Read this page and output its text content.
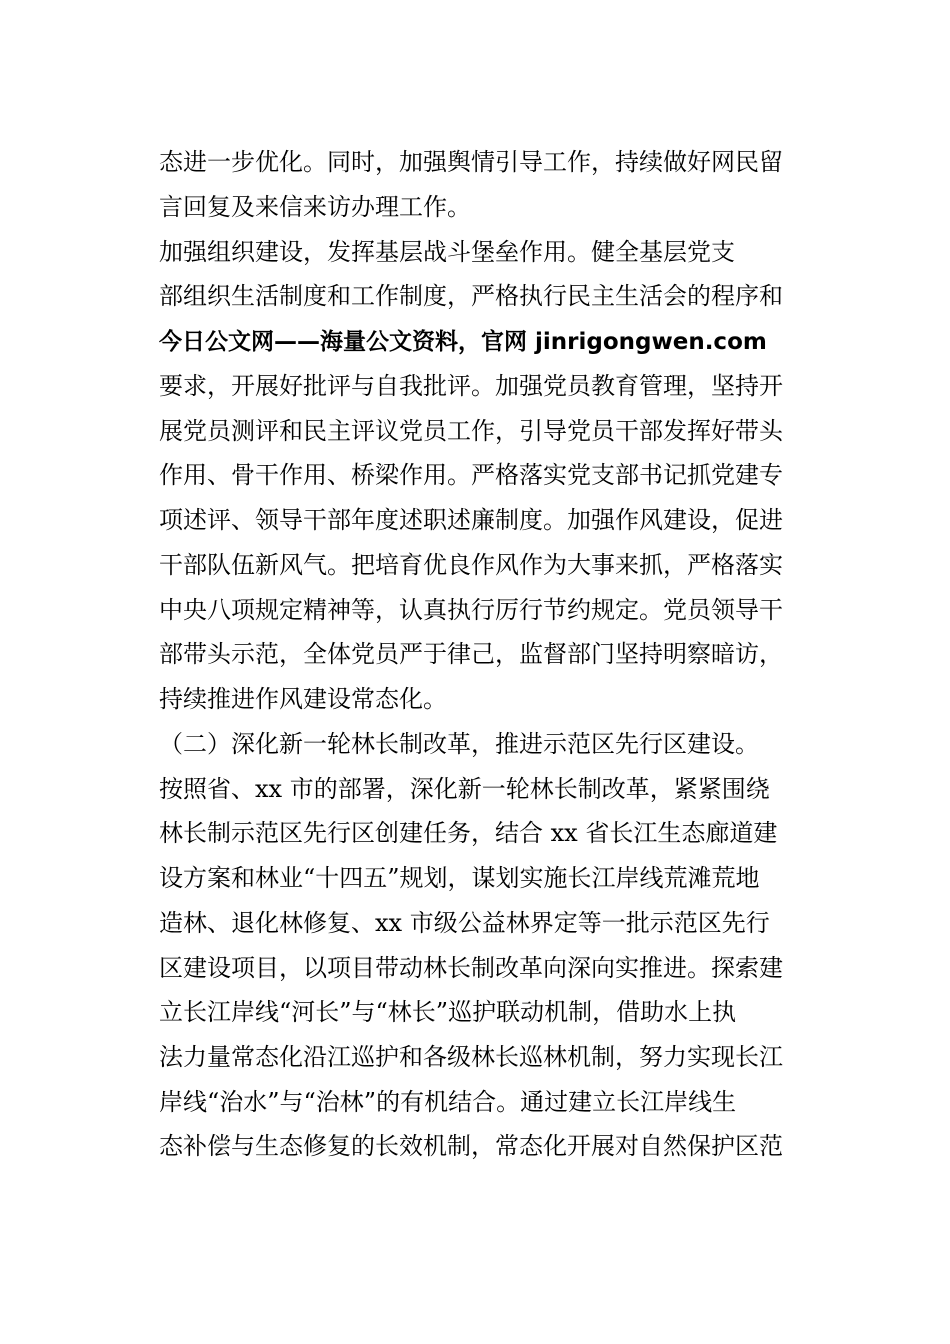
态进一步优化。同时，加强舆情引导工作，持续做好网民留
言回复及来信来访办理工作。
加强组织建设，发挥基层战斗堡垒作用。健全基层党支
部组织生活制度和工作制度，严格执行民主生活会的程序和
今日公文网——海量公文资料，官网 jinrigongwen.com
要求，开展好批评与自我批评。加强党员教育管理，坚持开
展党员测评和民主评议党员工作，引导党员干部发挥好带头
作用、骨干作用、桥梁作用。严格落实党支部书记抓党建专
项述评、领导干部年度述职述廉制度。加强作风建设，促进
干部队伍新风气。把培育优良作风作为大事来抓，严格落实
中央八项规定精神等，认真执行厉行节约规定。党员领导干
部带头示范，全体党员严于律己，监督部门坚持明察暗访，
持续推进作风建设常态化。
（二）深化新一轮林长制改革，推进示范区先行区建设。
按照省、xx 市的部署，深化新一轮林长制改革，紧紧围绕
林长制示范区先行区创建任务，结合 xx 省长江生态廊道建
设方案和林业“十四五”规划，谋划实施长江岸线荒滩荒地
造林、退化林修复、xx 市级公益林界定等一批示范区先行
区建设项目，以项目带动林长制改革向深向实推进。探索建
立长江岸线“河长”与“林长”巡护联动机制，借助水上执
法力量常态化沿江巡护和各级林长巡林机制，努力实现长江
岸线“治水”与“治林”的有机结合。通过建立长江岸线生
态补偿与生态修复的长效机制，常态化开展对自然保护区范
